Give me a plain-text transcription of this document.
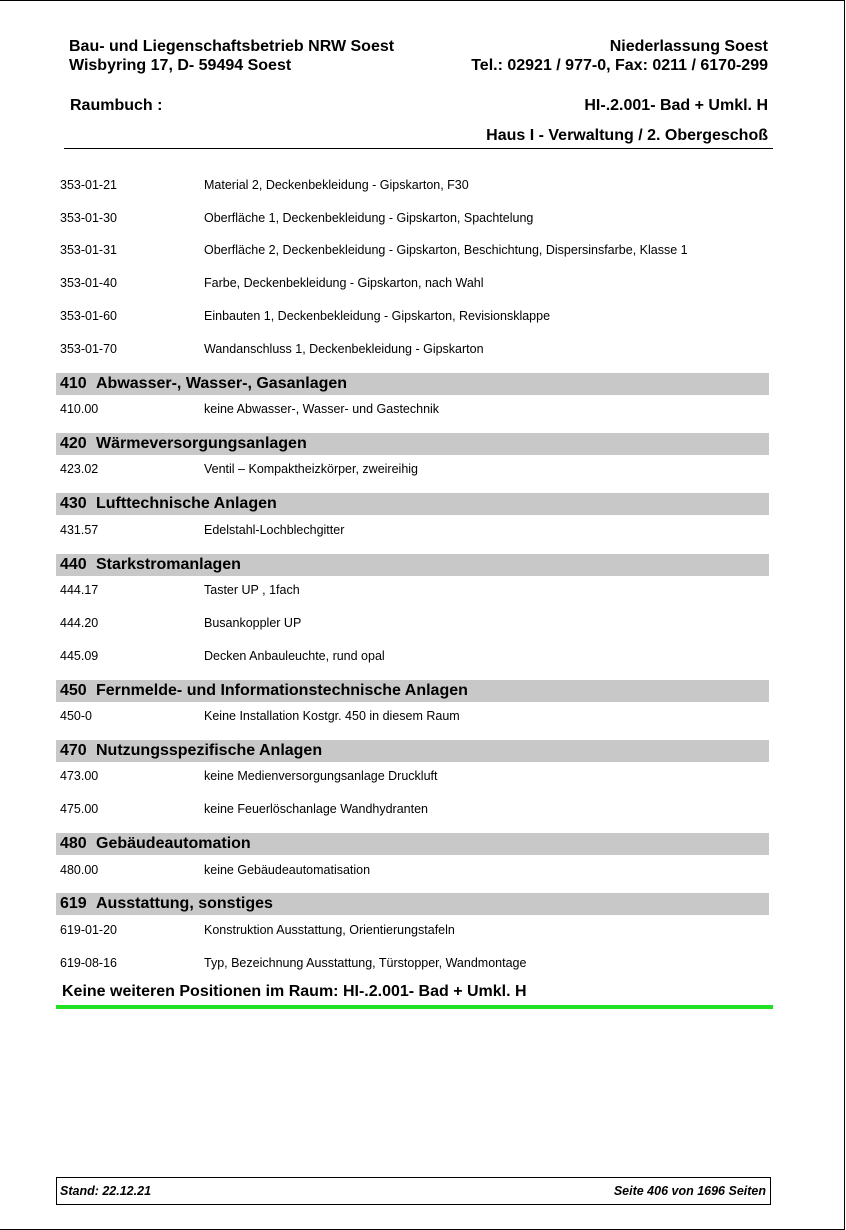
Bau- und Liegenschaftsbetrieb NRW Soest
Wisbyring 17, D- 59494 Soest
Niederlassung Soest
Tel.: 02921 / 977-0, Fax: 0211 / 6170-299
Raumbuch :	HI-.2.001- Bad + Umkl. H
Haus I - Verwaltung / 2. Obergeschoß
353-01-21	Material 2, Deckenbekleidung - Gipskarton, F30
353-01-30	Oberfläche 1, Deckenbekleidung - Gipskarton, Spachtelung
353-01-31	Oberfläche 2, Deckenbekleidung - Gipskarton, Beschichtung, Dispersinsfarbe, Klasse 1
353-01-40	Farbe, Deckenbekleidung - Gipskarton, nach Wahl
353-01-60	Einbauten 1, Deckenbekleidung - Gipskarton, Revisionsklappe
353-01-70	Wandanschluss 1, Deckenbekleidung - Gipskarton
410 Abwasser-, Wasser-, Gasanlagen
410.00	keine Abwasser-, Wasser- und Gastechnik
420 Wärmeversorgungsanlagen
423.02	Ventil – Kompaktheizkörper, zweireihig
430 Lufttechnische Anlagen
431.57	Edelstahl-Lochblechgitter
440 Starkstromanlagen
444.17	Taster UP , 1fach
444.20	Busankoppler UP
445.09	Decken Anbauleuchte, rund opal
450 Fernmelde- und Informationstechnische Anlagen
450-0	Keine Installation Kostgr. 450 in diesem Raum
470 Nutzungsspezifische Anlagen
473.00	keine Medienversorgungsanlage Druckluft
475.00	keine Feuerlöschanlage Wandhydranten
480 Gebäudeautomation
480.00	keine Gebäudeautomatisation
619 Ausstattung, sonstiges
619-01-20	Konstruktion Ausstattung, Orientierungstafeln
619-08-16	Typ, Bezeichnung Ausstattung, Türstopper, Wandmontage
Keine weiteren Positionen im Raum: HI-.2.001- Bad + Umkl. H
Stand: 22.12.21	Seite 406 von 1696 Seiten
